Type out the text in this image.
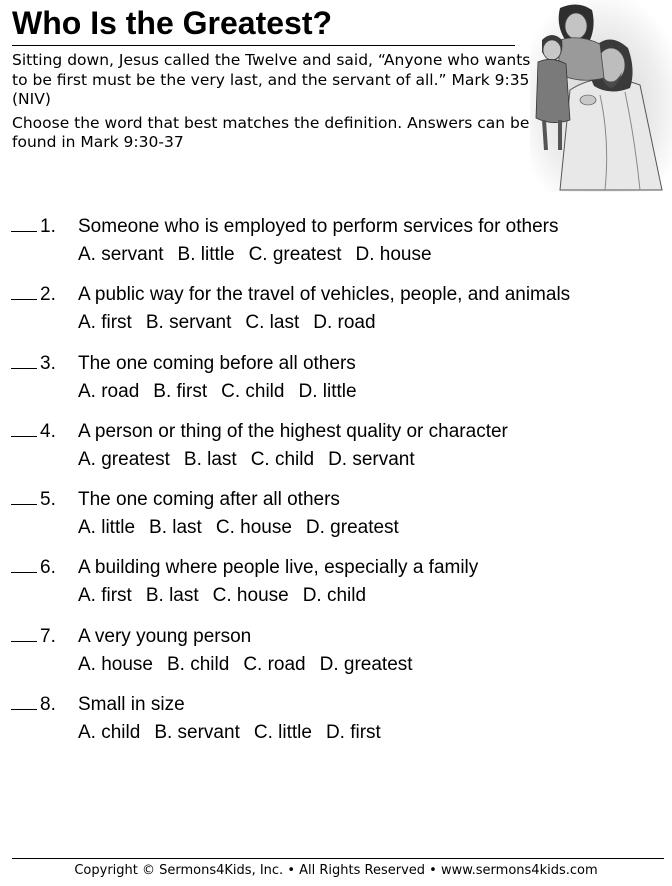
Who Is the Greatest?

Sitting down, Jesus called the Twelve and said, “Anyone who wants to be first must be the very last, and the servant of all.” Mark 9:35 (NIV)

Choose the word that best matches the definition. Answers can be found in Mark 9:30-37

1. Someone who is employed to perform services for others
A. servant B. little C. greatest D. house
2. A public way for the travel of vehicles, people, and animals
A. first B. servant C. last D. road
3. The one coming before all others
A. road B. first C. child D. little
4. A person or thing of the highest quality or character
A. greatest B. last C. child D. servant
5. The one coming after all others
A. little B. last C. house D. greatest
6. A building where people live, especially a family
A. first B. last C. house D. child
7. A very young person
A. house B. child C. road D. greatest
8. Small in size
A. child B. servant C. little D. first
Copyright © Sermons4Kids, Inc. • All Rights Reserved • www.sermons4kids.com
